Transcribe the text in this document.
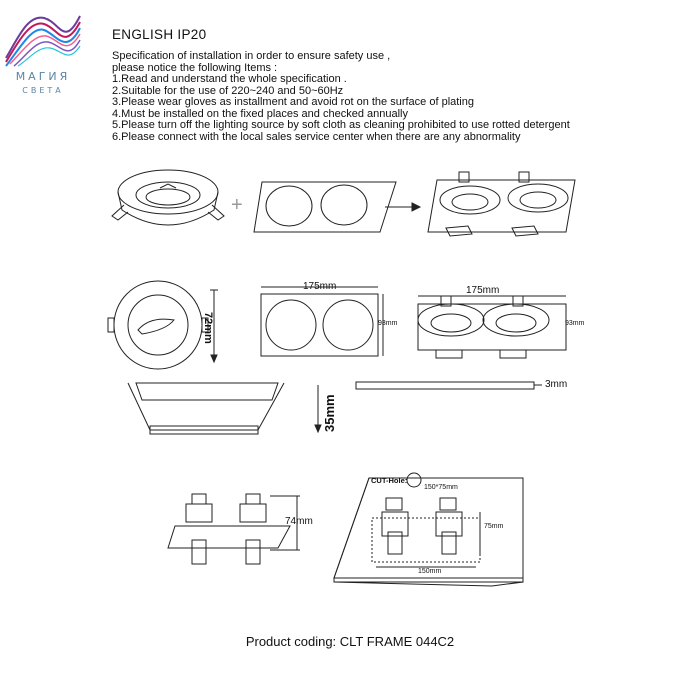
МАГИЯ
СВЕТА
ENGLISH IP20
Specification of installation in order to ensure safety use ,
please notice the following Items :
1.Read and understand the whole specification .
2.Suitable for the use of 220~240 and 50~60Hz
3.Please wear gloves as installment and avoid rot on the surface of plating
4.Must be installed on the fixed places and checked annually
5.Please turn off the lighting source by soft cloth as cleaning prohibited to use rotted detergent
6.Please connect with the local sales service center when there are any abnormality
+
72mm
175mm
93mm
175mm
93mm
35mm
3mm
74mm
CUT-Hole:
150*75mm
75mm
150mm
Product coding: CLT FRAME 044C2
